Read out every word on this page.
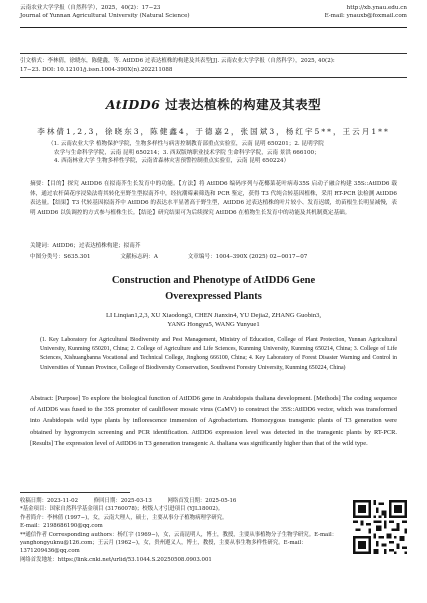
云南农业大学学报（自然科学），2025，40(2)：17−23
Journal of Yunnan Agricultural University (Natural Science)
http://xb.ynau.edu.cn
E-mail: ynauxb@foxmail.com
引文格式：李林倩，徐晓东，陈健鑫，等. AtIDD6 过表达植株的构建及其表型[J]. 云南农业大学学报（自然科学），2025, 40(2):
17−23. DOI: 10.12101/j.issn.1004-390X(n).202211088
AtIDD6 过表达植株的构建及其表型
李林倩1,2,3，徐晓东3，陈健鑫4，于德嘉2，张国斌3，杨红宇5**，王云月1**
（1. 云南农业大学 植物保护学院，生物多样性与病害控制教育部重点实验室，云南 昆明 650201；2. 昆明学院
农学与生命科学学院，云南 昆明 650214；3. 西双版纳职业技术学院 生命科学学院，云南 景洪 666100；
4. 西南林业大学 生物多样性学院，云南省森林灾害预警控制重点实验室，云南 昆明 650224）
摘要：【目的】探究 AtIDD6 在拟南芥生长发育中的功能。【方法】将 AtIDD6 编码序列与花椰菜花叶病毒35S 启动子融合构建 35S::AtIDD6 载体，通过农杆菌花序浸染法将其转化至野生型拟南芥中，经抗潮霉素筛选和 PCR 鉴定，获得 T3 代纯合转基因植株，采用 RT-PCR 法检测 AtIDD6 表达量。【结果】T3 代转基因拟南芥中 AtIDD6 的表达水平显著高于野生型，AtIDD6 过表达植株的叶片较小、发育迟缓，幼苗根生长明显减慢，表明 AtIDD6 以负调控的方式参与植株生长。【结论】研究结果可为后续探究 AtIDD6 在植物生长发育中的功能及其机制奠定基础。
关键词：AtIDD6；过表达植株构建；拟南芥
中图分类号：S635.301	文献标志码：A	文章编号：1004–390X (2025) 02−0017−07
Construction and Phenotype of AtIDD6 Gene
Overexpressed Plants
LI Linqian1,2,3, XU Xiaodong3, CHEN Jianxin4, YU Dejia2, ZHANG Guobin3,
YANG Hongyu5, WANG Yunyue1
(1. Key Laboratory for Agricultural Biodiversity and Pest Management, Ministry of Education, College of Plant Protection, Yunnan Agricultural University, Kunming 650201, China; 2. College of Agriculture and Life Sciences, Kunming University, Kunming 650214, China; 3. College of Life Sciences, Xishuangbanna Vocational and Technical College, Jinghong 666100, China; 4. Key Laboratory of Forest Disaster Warning and Control in Universities of Yunnan Province, College of Biodiversity Conservation, Southwest Forestry University, Kunming 650224, China)
Abstract: [Purpose] To explore the biological function of AtIDD6 gene in Arabidopsis thaliana development. [Methods] The coding sequence of AtIDD6 was fused to the 35S promoter of cauliflower mosaic virus (CaMV) to construct the 35S::AtIDD6 vector, which was transformed into Arabidopsis wild type plants by inflorescence immersion of Agrobacterium. Homozygous transgenic plants of T3 generation were obtained by hygromycin screening and PCR identification. AtIDD6 expression level was detected in the transgenic plants by RT-PCR. [Results] The expression level of AtIDD6 in T3 generation transgenic A. thaliana was significantly higher than that of the wild type.
收稿日期：2023-11-02	修回日期：2025-03-13	网络首发日期：2025-05-16
*基金项目：国家自然科学基金项目 (31760078)；校级人才引进项目 (YJL18002)。
作者简介：李林倩 (1997−)，女，云南大理人，硕士，主要从事分子植物病理学研究。
E-mail：2198686190@qq.com
**通信作者 Corresponding authors：杨红宇 (1969−)，女，云南昆明人，博士，教授，主要从事植物分子生物学研究。E-mail：yanghongyuknu@126.com；王云月 (1962−)，女，贵州遵义人，博士，教授，主要从事生物多样性研究。E-mail：1371209436@qq.com
网络首发地址：https://link.cnki.net/urlid/53.1044.S.20250508.0903.001
